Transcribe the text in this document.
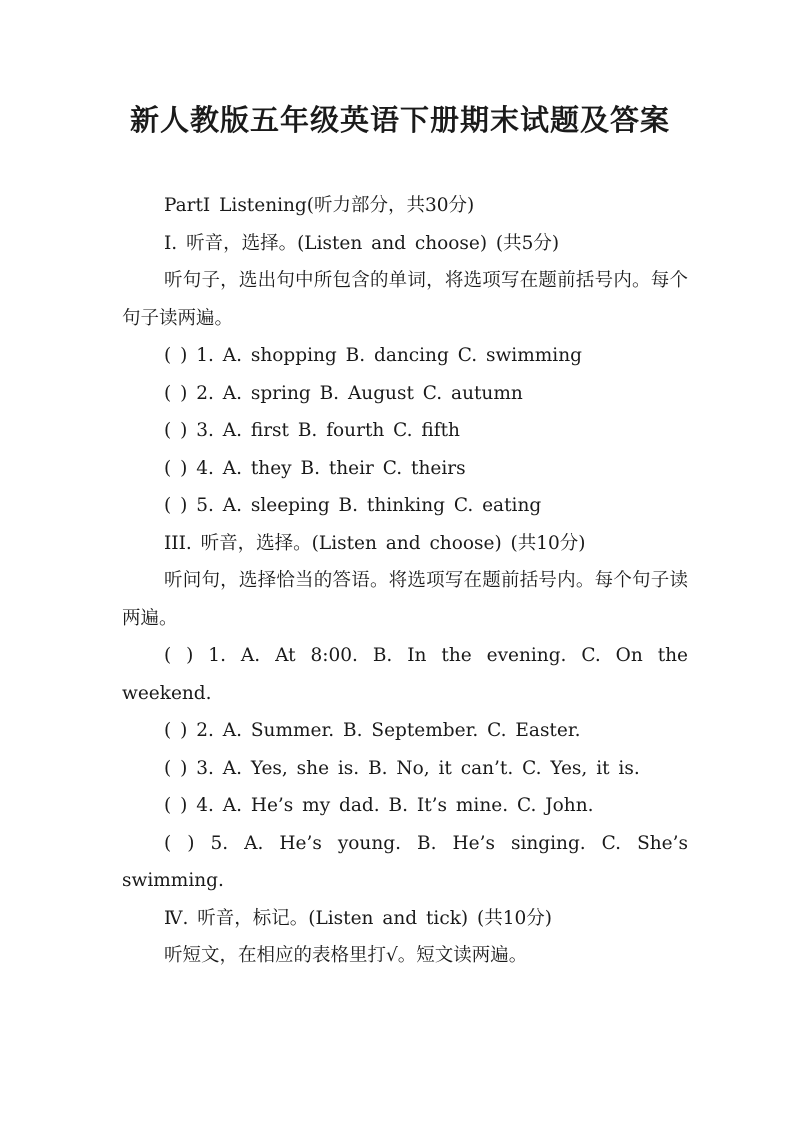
新人教版五年级英语下册期末试题及答案

PartⅠ Listening(听力部分，共30分)

Ⅰ. 听音，选择。(Listen and choose) (共5分)

听句子，选出句中所包含的单词，将选项写在题前括号内。每个句子读两遍。

( ) 1. A. shopping B. dancing C. swimming

( ) 2. A. spring B. August C. autumn

( ) 3. A. first B. fourth C. fifth

( ) 4. A. they B. their C. theirs

( ) 5. A. sleeping B. thinking C. eating

III. 听音，选择。(Listen and choose) (共10分)

听问句，选择恰当的答语。将选项写在题前括号内。每个句子读两遍。

( ) 1. A. At 8:00. B. In the evening. C. On the weekend.

( ) 2. A. Summer. B. September. C. Easter.

( ) 3. A. Yes, she is. B. No, it can’t. C. Yes, it is.

( ) 4. A. He’s my dad. B. It’s mine. C. John.

( ) 5. A. He’s young. B. He’s singing. C. She’s swimming.

Ⅳ. 听音，标记。(Listen and tick) (共10分)

听短文，在相应的表格里打√。短文读两遍。
